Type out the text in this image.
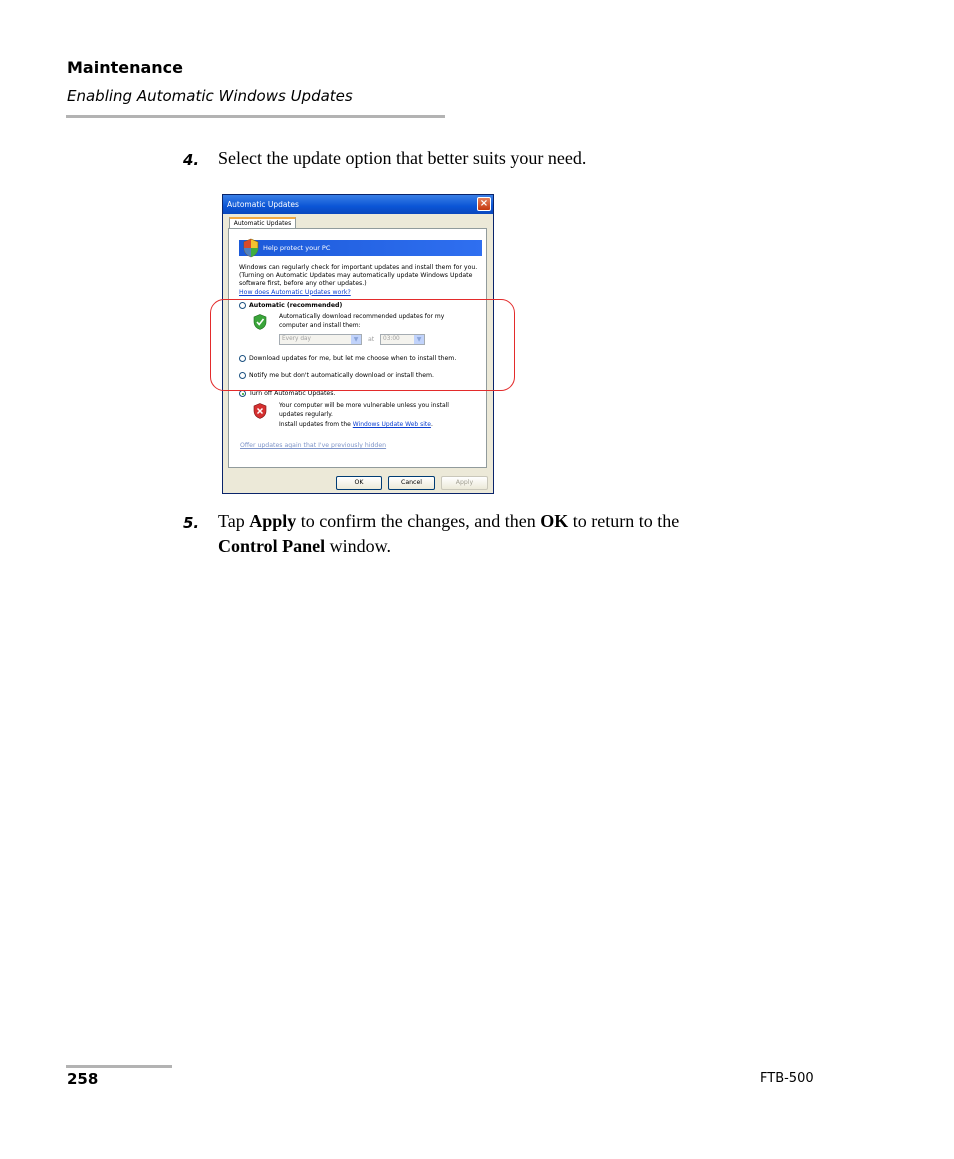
Maintenance
Enabling Automatic Windows Updates
4. Select the update option that better suits your need.
Automatic Updates	×
Automatic Updates
Help protect your PC
Windows can regularly check for important updates and install them for you. (Turning on Automatic Updates may automatically update Windows Update software first, before any other updates.)
How does Automatic Updates work?
Automatic (recommended)
Automatically download recommended updates for my computer and install them:
Every day	▼	at	03:00	▼
Download updates for me, but let me choose when to install them.
Notify me but don't automatically download or install them.
Turn off Automatic Updates.
Your computer will be more vulnerable unless you install updates regularly.
Install updates from the Windows Update Web site.
Offer updates again that I've previously hidden
OK	Cancel	Apply
5. Tap Apply to confirm the changes, and then OK to return to the
Control Panel window.
258	FTB-500
